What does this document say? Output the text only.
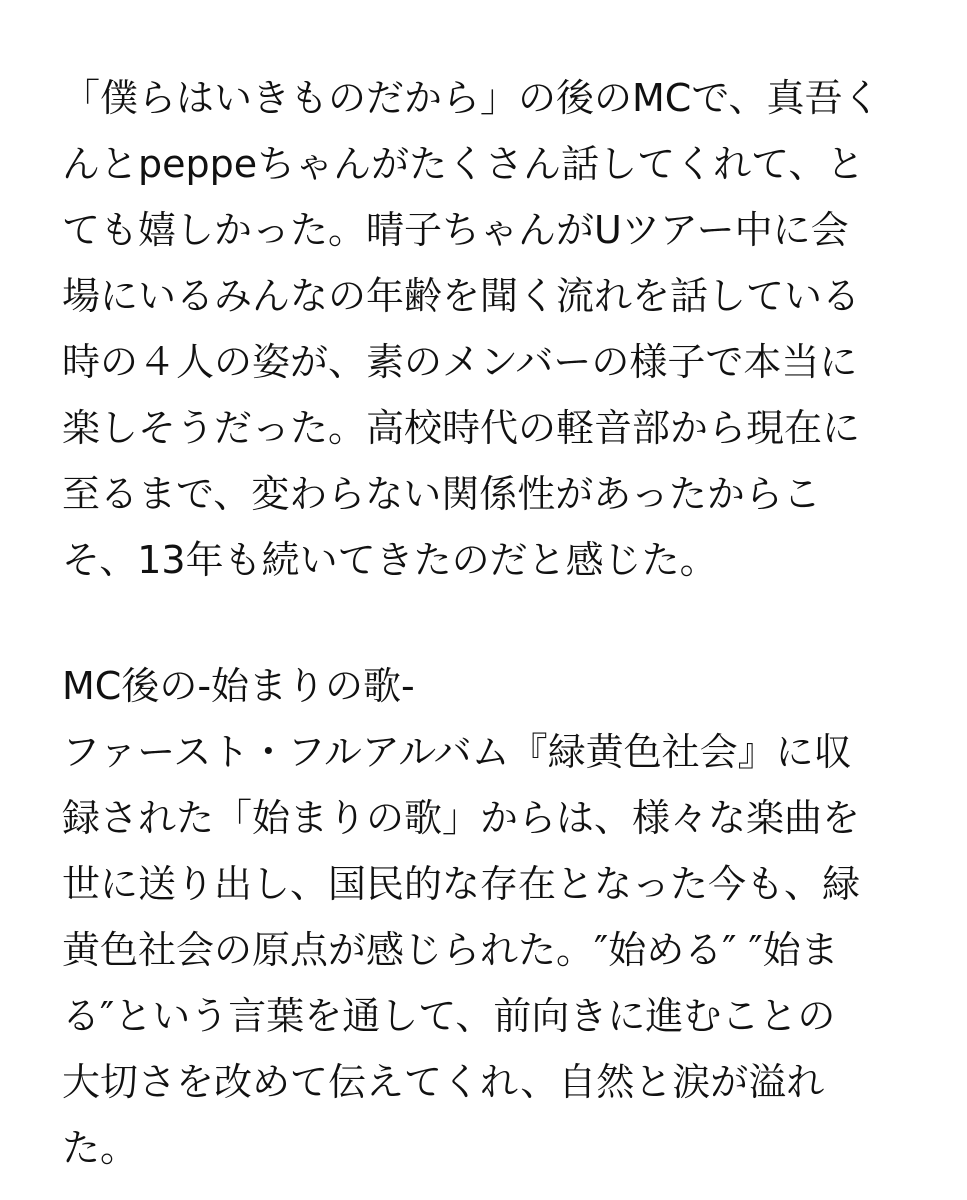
「僕らはいきものだから」の後のMCで、真吾く
んとpeppeちゃんがたくさん話してくれて、と
ても嬉しかった。晴子ちゃんがUツアー中に会
場にいるみんなの年齢を聞く流れを話している
時の４人の姿が、素のメンバーの様子で本当に
楽しそうだった。高校時代の軽音部から現在に
至るまで、変わらない関係性があったからこ
そ、13年も続いてきたのだと感じた。
MC後の-始まりの歌-
ファースト・フルアルバム『緑黄色社会』に収
録された「始まりの歌」からは、様々な楽曲を
世に送り出し、国民的な存在となった今も、緑
黄色社会の原点が感じられた。″始める″ ″始ま
る″という言葉を通して、前向きに進むことの
大切さを改めて伝えてくれ、自然と涙が溢れ
た。
